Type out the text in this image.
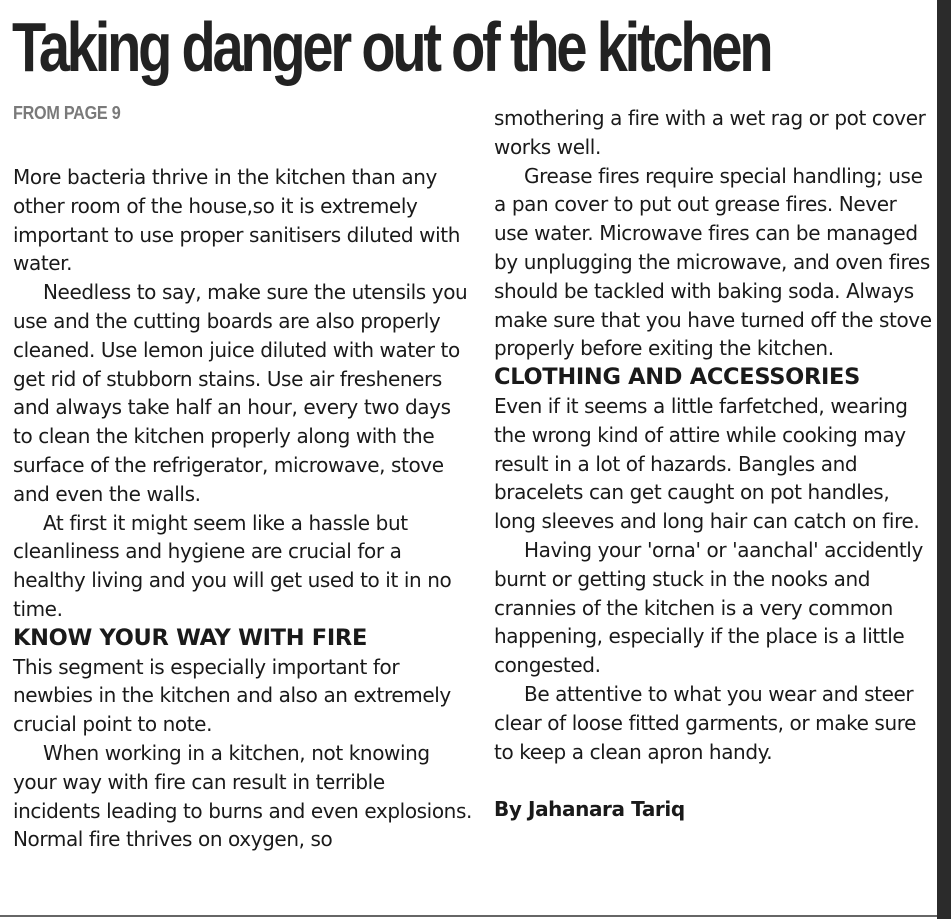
Taking danger out of the kitchen
FROM PAGE 9

More bacteria thrive in the kitchen than any other room of the house,so it is extremely important to use proper sanitisers diluted with water.

Needless to say, make sure the utensils you use and the cutting boards are also properly cleaned. Use lemon juice diluted with water to get rid of stubborn stains. Use air fresheners and always take half an hour, every two days to clean the kitchen properly along with the surface of the refrigerator, microwave, stove and even the walls.

At first it might seem like a hassle but cleanliness and hygiene are crucial for a healthy living and you will get used to it in no time.

KNOW YOUR WAY WITH FIRE

This segment is especially important for newbies in the kitchen and also an extremely crucial point to note.

When working in a kitchen, not knowing your way with fire can result in terrible incidents leading to burns and even explosions. Normal fire thrives on oxygen, so

smothering a fire with a wet rag or pot cover works well.

Grease fires require special handling; use a pan cover to put out grease fires. Never use water. Microwave fires can be managed by unplugging the microwave, and oven fires should be tackled with baking soda. Always make sure that you have turned off the stove properly before exiting the kitchen.

CLOTHING AND ACCESSORIES

Even if it seems a little farfetched, wearing the wrong kind of attire while cooking may result in a lot of hazards. Bangles and bracelets can get caught on pot handles, long sleeves and long hair can catch on fire.

Having your 'orna' or 'aanchal' accidently burnt or getting stuck in the nooks and crannies of the kitchen is a very common happening, especially if the place is a little congested.

Be attentive to what you wear and steer clear of loose fitted garments, or make sure to keep a clean apron handy.

By Jahanara Tariq
